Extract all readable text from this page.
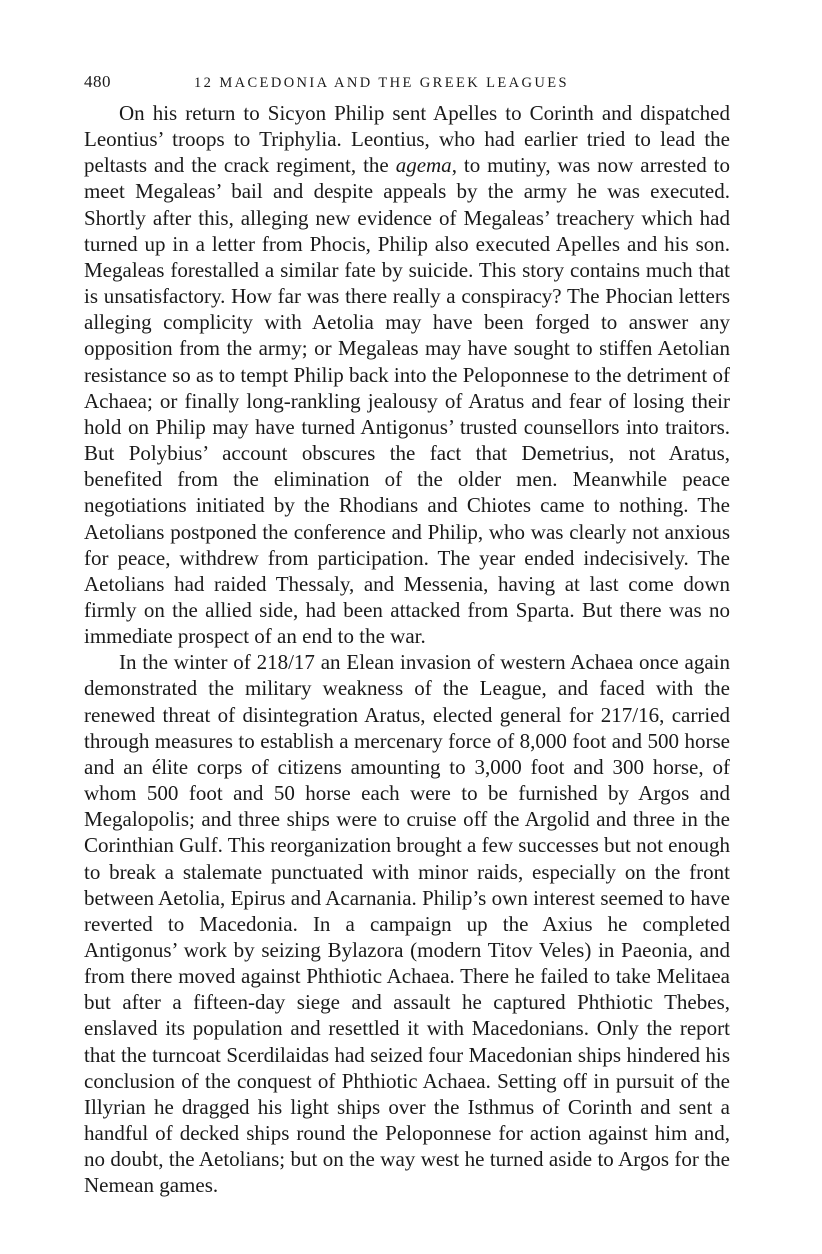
480	12 MACEDONIA AND THE GREEK LEAGUES

On his return to Sicyon Philip sent Apelles to Corinth and dispatched Leontius’ troops to Triphylia. Leontius, who had earlier tried to lead the peltasts and the crack regiment, the agema, to mutiny, was now arrested to meet Megaleas’ bail and despite appeals by the army he was executed. Shortly after this, alleging new evidence of Megaleas’ treachery which had turned up in a letter from Phocis, Philip also executed Apelles and his son. Megaleas forestalled a similar fate by suicide. This story contains much that is unsatisfactory. How far was there really a conspiracy? The Phocian letters alleging complicity with Aetolia may have been forged to answer any opposition from the army; or Megaleas may have sought to stiffen Aetolian resistance so as to tempt Philip back into the Peloponnese to the detriment of Achaea; or finally long-rankling jealousy of Aratus and fear of losing their hold on Philip may have turned Antigonus’ trusted counsellors into traitors. But Polybius’ account obscures the fact that Demetrius, not Aratus, benefited from the elimination of the older men. Meanwhile peace negotiations initiated by the Rhodians and Chiotes came to nothing. The Aetolians postponed the conference and Philip, who was clearly not anxious for peace, withdrew from participation. The year ended indecisively. The Aetolians had raided Thessaly, and Messenia, having at last come down firmly on the allied side, had been attacked from Sparta. But there was no immediate prospect of an end to the war.

In the winter of 218/17 an Elean invasion of western Achaea once again demonstrated the military weakness of the League, and faced with the renewed threat of disintegration Aratus, elected general for 217/16, carried through measures to establish a mercenary force of 8,000 foot and 500 horse and an élite corps of citizens amounting to 3,000 foot and 300 horse, of whom 500 foot and 50 horse each were to be furnished by Argos and Megalopolis; and three ships were to cruise off the Argolid and three in the Corinthian Gulf. This reorganization brought a few successes but not enough to break a stalemate punctuated with minor raids, especially on the front between Aetolia, Epirus and Acarnania. Philip’s own interest seemed to have reverted to Macedonia. In a campaign up the Axius he completed Antigonus’ work by seizing Bylazora (modern Titov Veles) in Paeonia, and from there moved against Phthiotic Achaea. There he failed to take Melitaea but after a fifteen-day siege and assault he captured Phthiotic Thebes, enslaved its population and resettled it with Macedonians. Only the report that the turncoat Scerdilaidas had seized four Macedonian ships hindered his conclusion of the conquest of Phthiotic Achaea. Setting off in pursuit of the Illyrian he dragged his light ships over the Isthmus of Corinth and sent a handful of decked ships round the Peloponnese for action against him and, no doubt, the Aetolians; but on the way west he turned aside to Argos for the Nemean games.
